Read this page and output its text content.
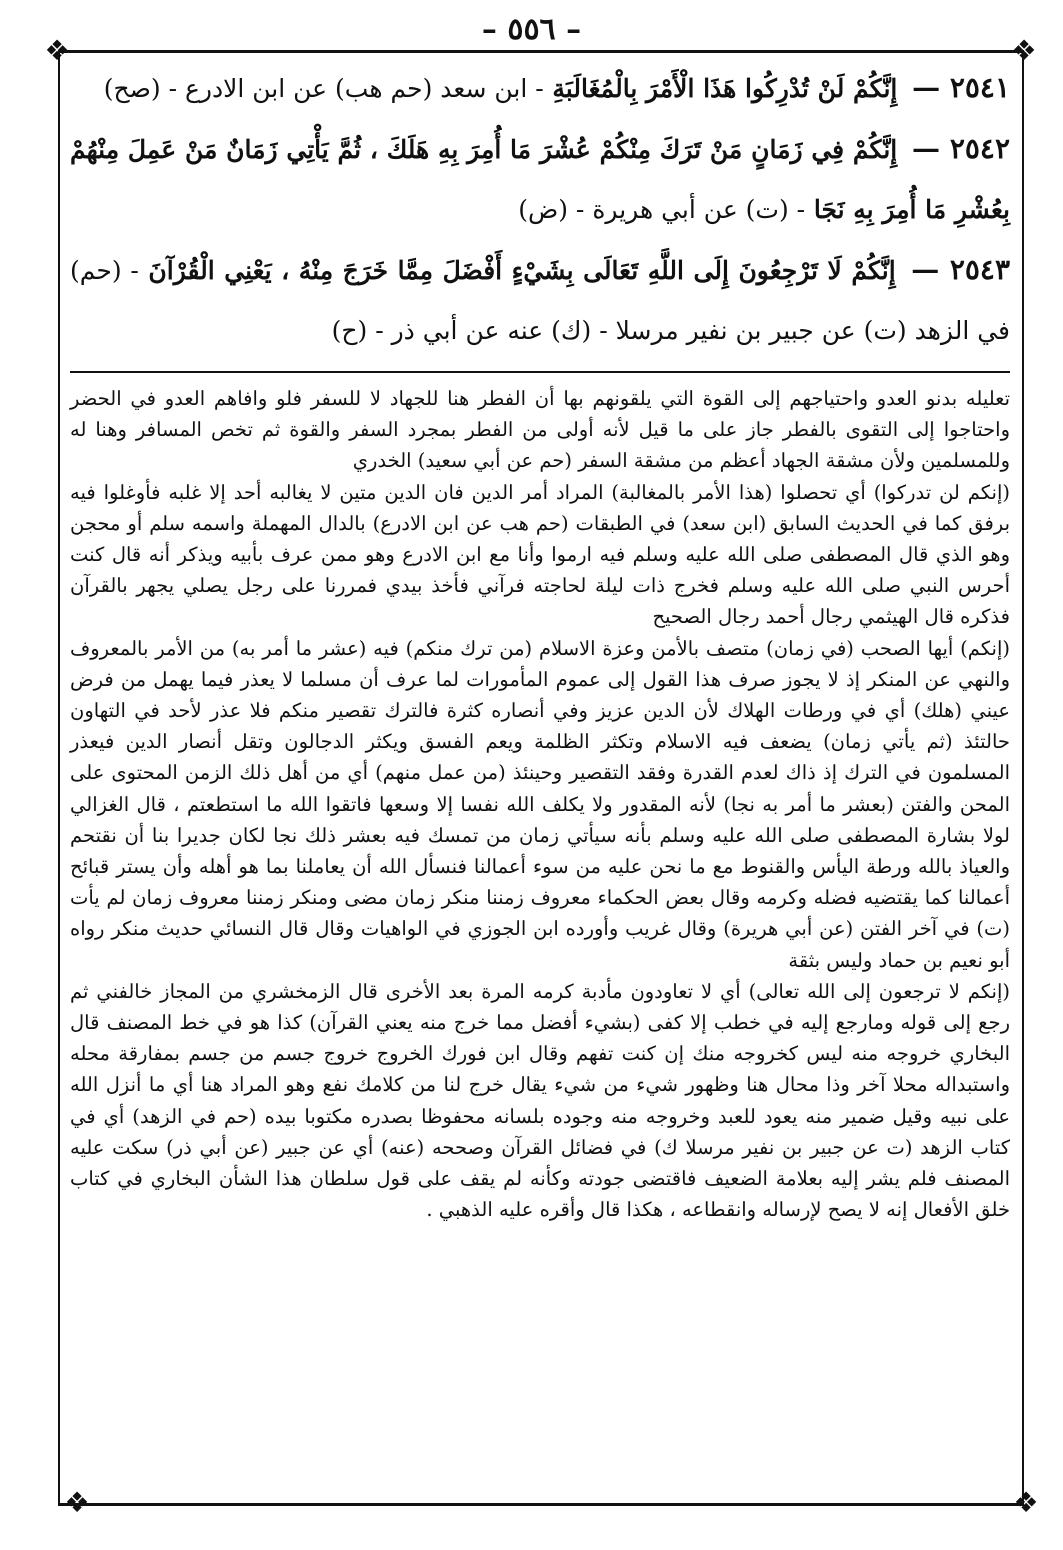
❖	❖
❖	❖
– ٥٥٦ –

٢٥٤١ — إِنَّكُمْ لَنْ تُدْرِكُوا هَذَا الْأَمْرَ بِالْمُغَالَبَةِ - ابن سعد (حم هب) عن ابن الادرع - (صح)

٢٥٤٢ — إِنَّكُمْ فِي زَمَانٍ مَنْ تَرَكَ مِنْكُمْ عُشْرَ مَا أُمِرَ بِهِ هَلَكَ ، ثُمَّ يَأْتِي زَمَانٌ مَنْ عَمِلَ مِنْهُمْ بِعُشْرِ مَا أُمِرَ بِهِ نَجَا - (ت) عن أبي هريرة - (ض)

٢٥٤٣ — إِنَّكُمْ لَا تَرْجِعُونَ إِلَى اللَّهِ تَعَالَى بِشَيْءٍ أَفْضَلَ مِمَّا خَرَجَ مِنْهُ ، يَعْنِي الْقُرْآنَ - (حم) في الزهد (ت) عن جبير بن نفير مرسلا - (ك) عنه عن أبي ذر - (ح)

تعليله بدنو العدو واحتياجهم إلى القوة التي يلقونهم بها أن الفطر هنا للجهاد لا للسفر فلو وافاهم العدو في الحضر واحتاجوا إلى التقوى بالفطر جاز على ما قيل لأنه أولى من الفطر بمجرد السفر والقوة ثم تخص المسافر وهنا له وللمسلمين ولأن مشقة الجهاد أعظم من مشقة السفر (حم عن أبي سعيد) الخدري

(إنكم لن تدركوا) أي تحصلوا (هذا الأمر بالمغالبة) المراد أمر الدين فان الدين متين لا يغالبه أحد إلا غلبه فأوغلوا فيه برفق كما في الحديث السابق (ابن سعد) في الطبقات (حم هب عن ابن الادرع) بالدال المهملة واسمه سلم أو محجن وهو الذي قال المصطفى صلى الله عليه وسلم فيه ارموا وأنا مع ابن الادرع وهو ممن عرف بأبيه ويذكر أنه قال كنت أحرس النبي صلى الله عليه وسلم فخرج ذات ليلة لحاجته فرآني فأخذ بيدي فمررنا على رجل يصلي يجهر بالقرآن فذكره قال الهيثمي رجال أحمد رجال الصحيح

(إنكم) أيها الصحب (في زمان) متصف بالأمن وعزة الاسلام (من ترك منكم) فيه (عشر ما أمر به) من الأمر بالمعروف والنهي عن المنكر إذ لا يجوز صرف هذا القول إلى عموم المأمورات لما عرف أن مسلما لا يعذر فيما يهمل من فرض عيني (هلك) أي في ورطات الهلاك لأن الدين عزيز وفي أنصاره كثرة فالترك تقصير منكم فلا عذر لأحد في التهاون حالتئذ (ثم يأتي زمان) يضعف فيه الاسلام وتكثر الظلمة ويعم الفسق ويكثر الدجالون وتقل أنصار الدين فيعذر المسلمون في الترك إذ ذاك لعدم القدرة وفقد التقصير وحينئذ (من عمل منهم) أي من أهل ذلك الزمن المحتوى على المحن والفتن (بعشر ما أمر به نجا) لأنه المقدور ولا يكلف الله نفسا إلا وسعها فاتقوا الله ما استطعتم ، قال الغزالي لولا بشارة المصطفى صلى الله عليه وسلم بأنه سيأتي زمان من تمسك فيه بعشر ذلك نجا لكان جديرا بنا أن نقتحم والعياذ بالله ورطة اليأس والقنوط مع ما نحن عليه من سوء أعمالنا فنسأل الله أن يعاملنا بما هو أهله وأن يستر قبائح أعمالنا كما يقتضيه فضله وكرمه وقال بعض الحكماء معروف زمننا منكر زمان مضى ومنكر زمننا معروف زمان لم يأت (ت) في آخر الفتن (عن أبي هريرة) وقال غريب وأورده ابن الجوزي في الواهيات وقال قال النسائي حديث منكر رواه أبو نعيم بن حماد وليس بثقة

(إنكم لا ترجعون إلى الله تعالى) أي لا تعاودون مأدبة كرمه المرة بعد الأخرى قال الزمخشري من المجاز خالفني ثم رجع إلى قوله ومارجع إليه في خطب إلا كفى (بشيء أفضل مما خرج منه يعني القرآن) كذا هو في خط المصنف قال البخاري خروجه منه ليس كخروجه منك إن كنت تفهم وقال ابن فورك الخروج خروج جسم من جسم بمفارقة محله واستبداله محلا آخر وذا محال هنا وظهور شيء من شيء يقال خرج لنا من كلامك نفع وهو المراد هنا أي ما أنزل الله على نبيه وقيل ضمير منه يعود للعبد وخروجه منه وجوده بلسانه محفوظا بصدره مكتوبا بيده (حم في الزهد) أي في كتاب الزهد (ت عن جبير بن نفير مرسلا ك) في فضائل القرآن وصححه (عنه) أي عن جبير (عن أبي ذر) سكت عليه المصنف فلم يشر إليه بعلامة الضعيف فاقتضى جودته وكأنه لم يقف على قول سلطان هذا الشأن البخاري في كتاب خلق الأفعال إنه لا يصح لإرساله وانقطاعه ، هكذا قال وأقره عليه الذهبي .
